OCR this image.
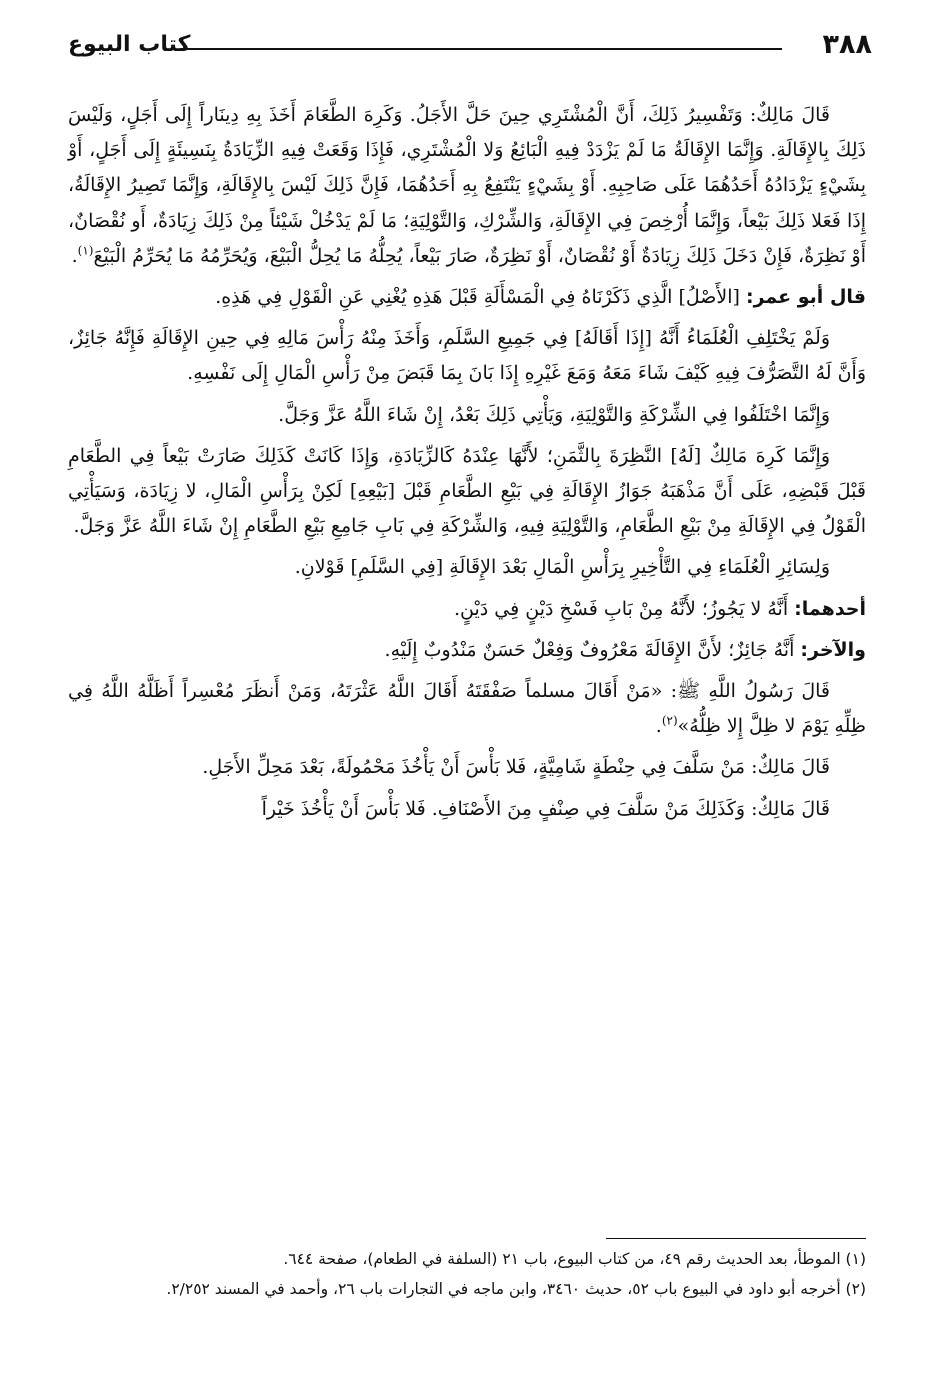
٣٨٨
كتاب البيوع

قَالَ مَالِكٌ: وَتَفْسِيرُ ذَلِكَ، أَنَّ الْمُشْتَرِي حِينَ حَلَّ الأَجَلُ. وَكَرِهَ الطَّعَامَ أَخَذَ بِهِ دِينَاراً إِلَى أَجَلٍ، وَلَيْسَ ذَلِكَ بِالإِقَالَةِ. وَإِنَّمَا الإِقَالَةُ مَا لَمْ يَزْدَدْ فِيهِ الْبَائِعُ وَلا الْمُشْتَرِي، فَإِذَا وَقَعَتْ فِيهِ الزِّيَادَةُ بِنَسِيئَةٍ إِلَى أَجَلٍ، أَوْ بِشَيْءٍ يَزْدَادُهُ أَحَدُهُمَا عَلَى صَاحِبِهِ. أَوْ بِشَيْءٍ يَنْتَفِعُ بِهِ أَحَدُهُمَا، فَإِنَّ ذَلِكَ لَيْسَ بِالإِقَالَةِ، وَإِنَّمَا تَصِيرُ الإِقَالَةُ، إِذَا فَعَلا ذَلِكَ بَيْعاً، وَإِنَّمَا أُرْخِصَ فِي الإِقَالَةِ، وَالشِّرْكِ، وَالتَّوْلِيَةِ؛ مَا لَمْ يَدْخُلْ شَيْئاً مِنْ ذَلِكَ زِيَادَةٌ، أَو نُقْصَانٌ، أَوْ نَظِرَةٌ، فَإِنْ دَخَلَ ذَلِكَ زِيَادَةٌ أَوْ نُقْصَانٌ، أَوْ نَظِرَةٌ، صَارَ بَيْعاً، يُحِلُّهُ مَا يُحِلُّ الْبَيْعَ، وَيُحَرِّمُهُ مَا يُحَرِّمُ الْبَيْعَ$^{(١)}$.

قال أبو عمر: [الأَصْلُ] الَّذِي ذَكَرْنَاهُ فِي الْمَسْأَلَةِ قَبْلَ هَذِهِ يُغْنِي عَنِ الْقَوْلِ فِي هَذِهِ.

وَلَمْ يَخْتَلِفِ الْعُلَمَاءُ أَنَّهُ [إِذَا أَقَالَهُ] فِي جَمِيعِ السَّلَمِ، وَأَخَذَ مِنْهُ رَأْسَ مَالِهِ فِي حِينِ الإِقَالَةِ فَإِنَّهُ جَائِزٌ، وَأَنَّ لَهُ التَّصَرُّفَ فِيهِ كَيْفَ شَاءَ مَعَهُ وَمَعَ غَيْرِهِ إِذَا بَانَ بِمَا قَبَضَ مِنْ رَأْسِ الْمَالِ إِلَى نَفْسِهِ.

وَإِنَّمَا اخْتَلَفُوا فِي الشِّرْكَةِ وَالتَّوْلِيَةِ، وَيَأْتِي ذَلِكَ بَعْدُ، إِنْ شَاءَ اللَّهُ عَزَّ وَجَلَّ.

وَإِنَّمَا كَرِهَ مَالِكٌ [لَهُ] النَّظِرَةَ بِالثَّمَنِ؛ لأَنَّهَا عِنْدَهُ كَالزِّيَادَةِ، وَإِذَا كَانَتْ كَذَلِكَ صَارَتْ بَيْعاً فِي الطَّعَامِ قَبْلَ قَبْضِهِ، عَلَى أَنَّ مَذْهَبَهُ جَوَازُ الإِقَالَةِ فِي بَيْعِ الطَّعَامِ قَبْلَ [بَيْعِهِ] لَكِنْ بِرَأْسِ الْمَالِ، لا زِيَادَة، وَسَيَأْتِي الْقَوْلُ فِي الإِقَالَةِ مِنْ بَيْعِ الطَّعَامِ، وَالتَّوْلِيَةِ فِيهِ، وَالشِّرْكَةِ فِي بَابِ جَامِعِ بَيْعِ الطَّعَامِ إِنْ شَاءَ اللَّهُ عَزَّ وَجَلَّ.

وَلِسَائِرِ الْعُلَمَاءِ فِي التَّأْخِيرِ بِرَأْسِ الْمَالِ بَعْدَ الإِقَالَةِ [فِي السَّلَمِ] قَوْلانِ.

أحدهما: أَنَّهُ لا يَجُوزُ؛ لأَنَّهُ مِنْ بَابِ فَسْخِ دَيْنٍ فِي دَيْنٍ.

والآخر: أَنَّهُ جَائِزٌ؛ لأَنَّ الإِقَالَةَ مَعْرُوفٌ وَفِعْلٌ حَسَنٌ مَنْدُوبٌ إِلَيْهِ.

قَالَ رَسُولُ اللَّهِ ﷺ: «مَنْ أَقَالَ مسلماً صَفْقَتَهُ أَقَالَ اللَّهُ عَثْرَتَهُ، وَمَنْ أَنظَرَ مُعْسِراً أَظَلَّهُ اللَّهُ فِي ظِلِّهِ يَوْمَ لا ظِلَّ إِلا ظِلُّهُ»$^{(٢)}$.

قَالَ مَالِكٌ: مَنْ سَلَّفَ فِي حِنْطَةٍ شَامِيَّةٍ، فَلا بَأْسَ أَنْ يَأْخُذَ مَحْمُولَةً، بَعْدَ مَحِلِّ الأَجَلِ.

قَالَ مَالِكٌ: وَكَذَلِكَ مَنْ سَلَّفَ فِي صِنْفٍ مِنَ الأَصْنَافِ. فَلا بَأْسَ أَنْ يَأْخُذَ خَيْراً

(١) الموطأ، بعد الحديث رقم ٤٩، من كتاب البيوع، باب ٢١ (السلفة في الطعام)، صفحة ٦٤٤.

(٢) أخرجه أبو داود في البيوع باب ٥٢، حديث ٣٤٦٠، وابن ماجه في التجارات باب ٢٦، وأحمد في المسند ٢/٢٥٢.
